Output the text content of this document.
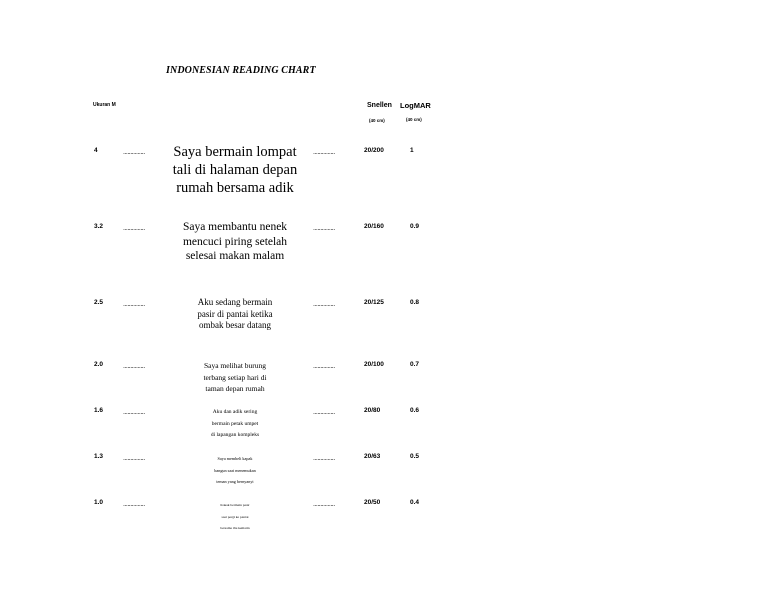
INDONESIAN READING CHART
Ukuran M	Snellen LogMAR
(40 cm)	(40 cm)
4	...............	Saya bermain lompat
tali di halaman depan
rumah bersama adik
...............	20/200	1
3.2	...............	Saya membantu nenek
mencuci piring setelah
selesai makan malam
...............	20/160	0.9
2.5	...............	Aku sedang bermain
pasir di pantai ketika
ombak besar datang
...............	20/125	0.8
2.0	...............	Saya melihat burung
terbang setiap hari di
taman depan rumah
...............	20/100	0.7
1.6	...............	Aku dan adik sering
bermain petak umpet
di lapangan kompleks
...............	20/80	0.6
1.3	...............	Saya membeli kapak
bangun saat menemukan
teman yang bernyanyi
...............	20/63	0.5
1.0	...............	Kakak bermain pasir
saat pergi ke pantai
bersama ibu kemarin
...............	20/50	0.4
